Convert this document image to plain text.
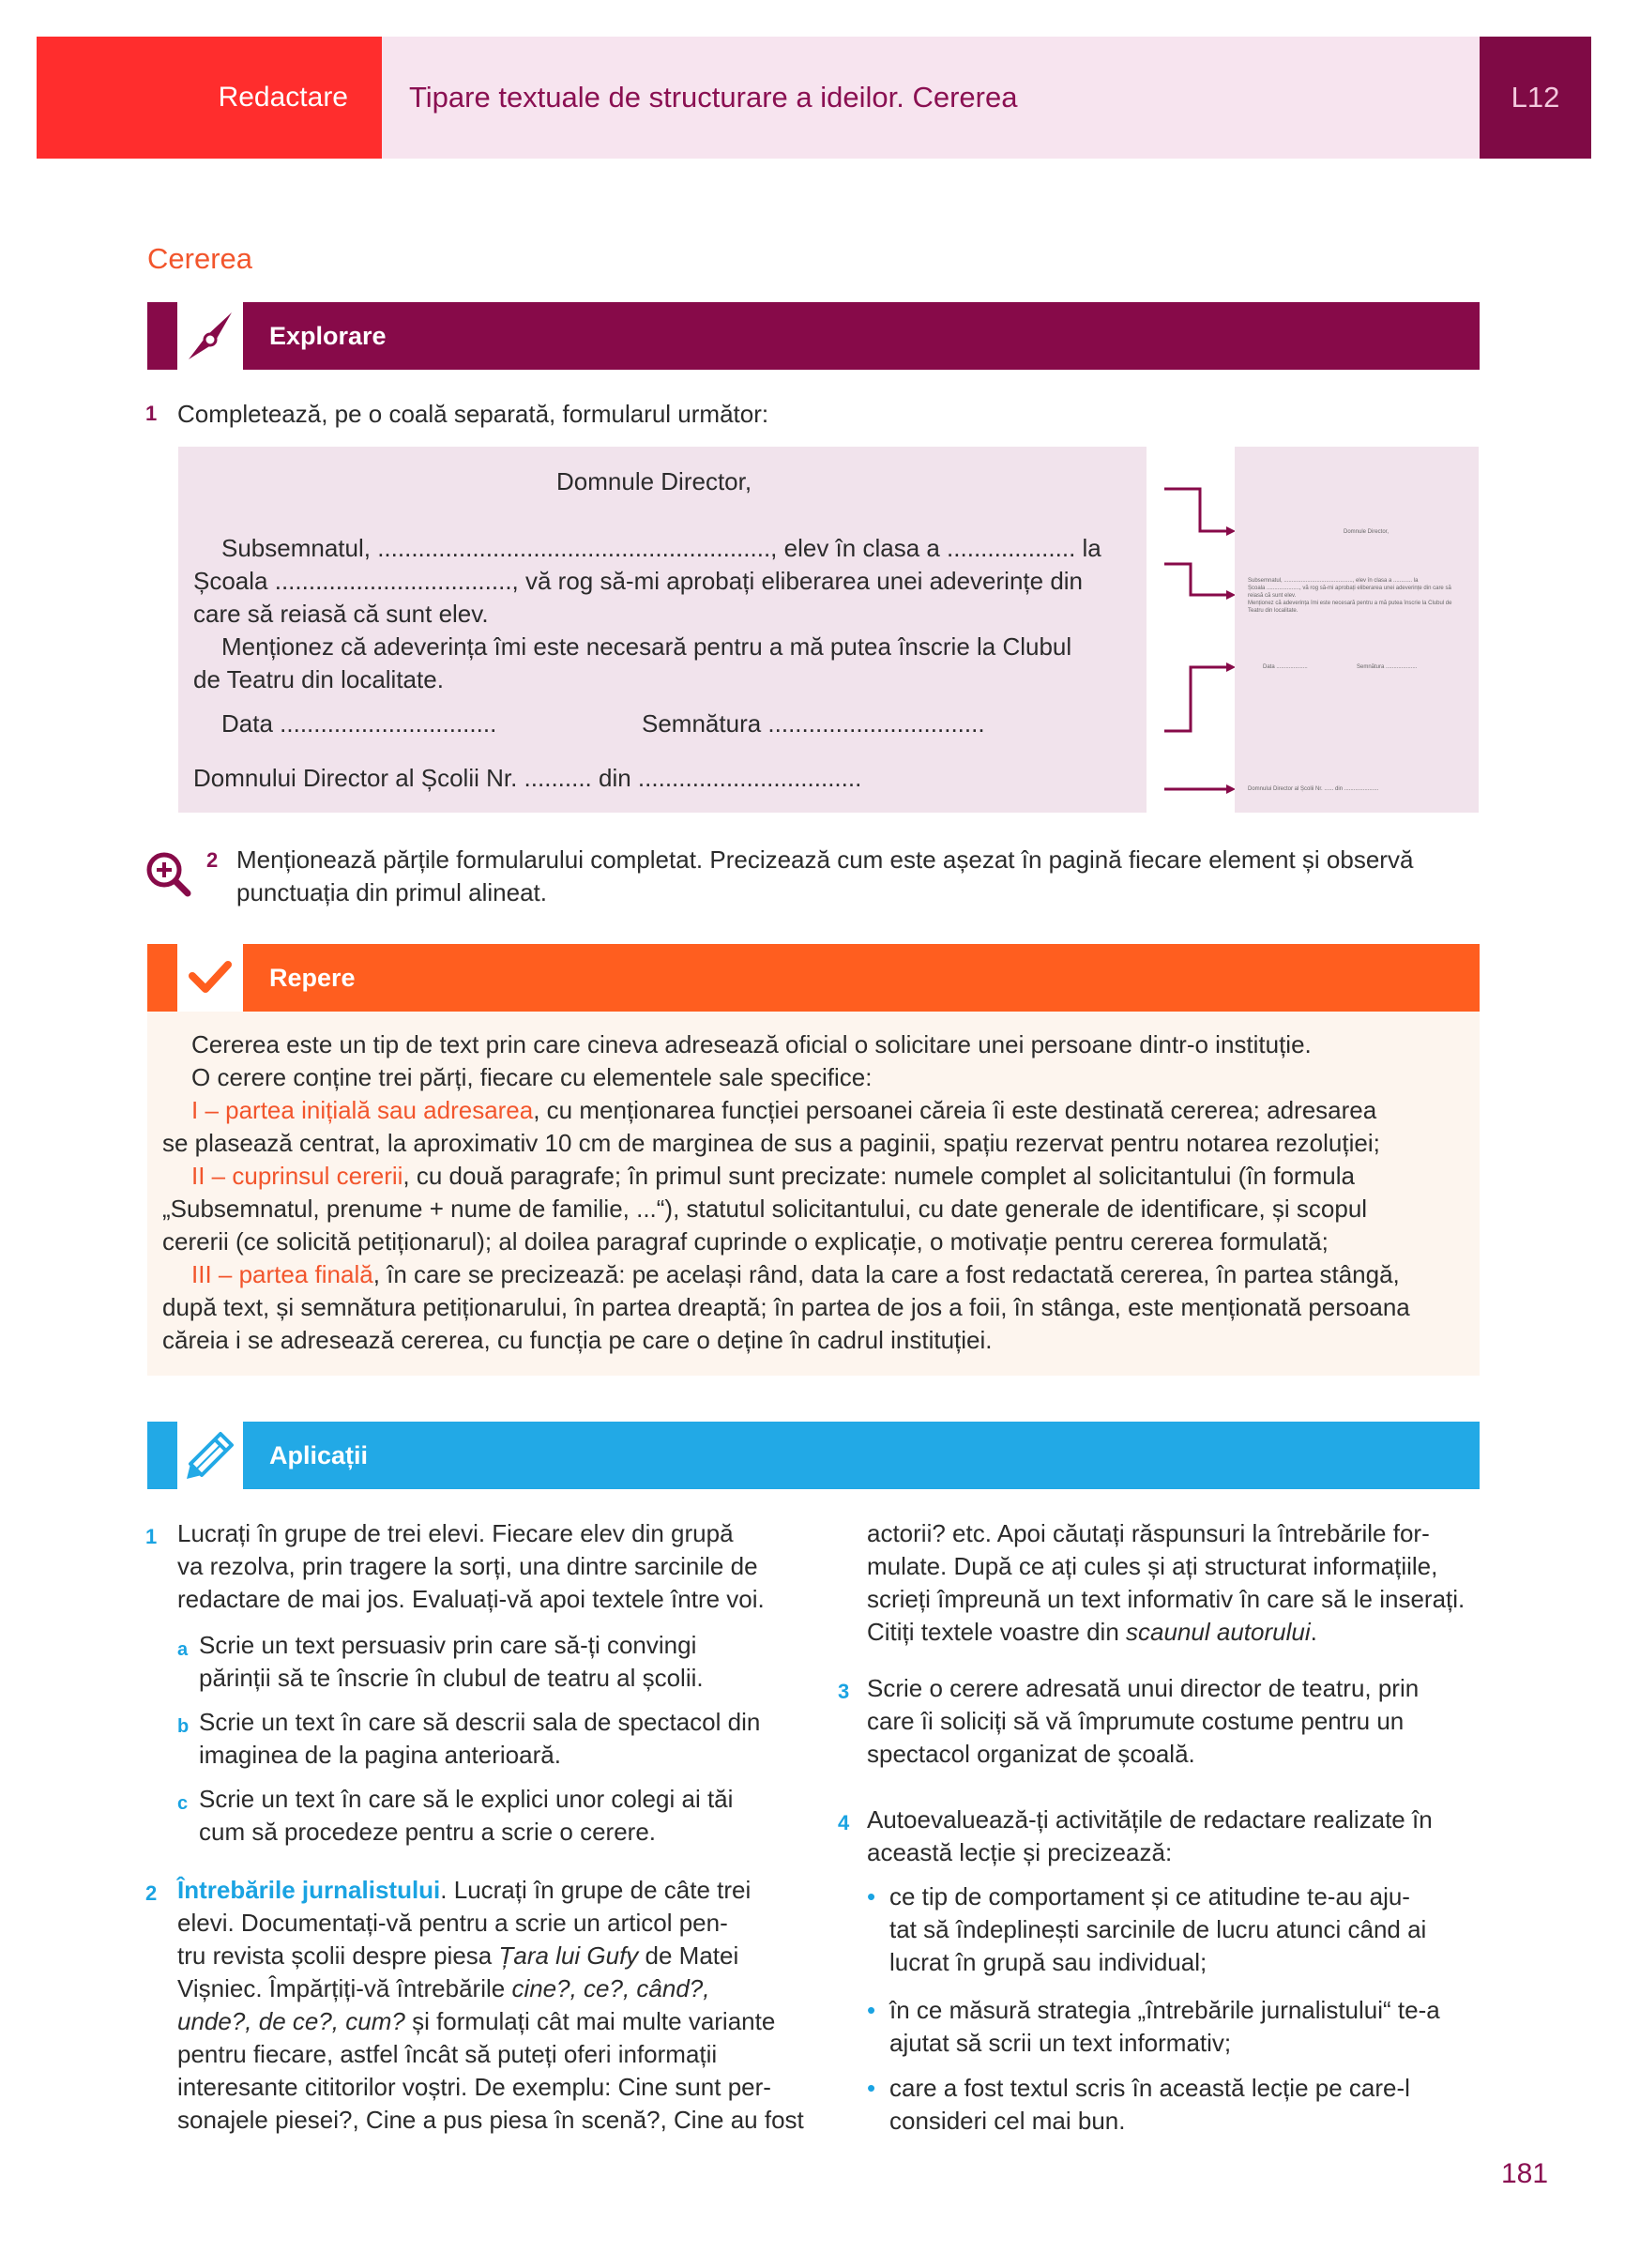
Redactare	Tipare textuale de structurare a ideilor. Cererea	L12
Cererea
Explorare
1 Completează, pe o coală separată, formularul următor:
Domnule Director,
Subsemnatul, .........................................................., elev în clasa a ................... la
Școala ..................................., vă rog să-mi aprobați eliberarea unei adeverințe din
care să reiasă că sunt elev.
Menționez că adeverința îmi este necesară pentru a mă putea înscrie la Clubul
de Teatru din localitate.
Data ................................	Semnătura ................................
Domnului Director al Școlii Nr. .......... din .................................
Domnule Director,
Subsemnatul, ............................................, elev în clasa a ............ la
Școala ....................., vă rog să-mi aprobați eliberarea unei adeverințe din care să
reiasă că sunt elev.
Menționez că adeverința îmi este necesară pentru a mă putea înscrie la Clubul de
Teatru din localitate.
Data ....................	Semnătura ....................
Domnului Director al Școlii Nr. ...... din ......................
2 Menționează părțile formularului completat. Precizează cum este așezat în pagină fiecare element și observă
punctuația din primul alineat.
Repere
Cererea este un tip de text prin care cineva adresează oficial o solicitare unei persoane dintr-o instituție.
O cerere conține trei părți, fiecare cu elementele sale specifice:
I – partea inițială sau adresarea, cu menționarea funcției persoanei căreia îi este destinată cererea; adresarea
se plasează centrat, la aproximativ 10 cm de marginea de sus a paginii, spațiu rezervat pentru notarea rezoluției;
II – cuprinsul cererii, cu două paragrafe; în primul sunt precizate: numele complet al solicitantului (în formula
„Subsemnatul, prenume + nume de familie, ...“), statutul solicitantului, cu date generale de identificare, și scopul
cererii (ce solicită petiționarul); al doilea paragraf cuprinde o explicație, o motivație pentru cererea formulată;
III – partea finală, în care se precizează: pe același rând, data la care a fost redactată cererea, în partea stângă,
după text, și semnătura petiționarului, în partea dreaptă; în partea de jos a foii, în stânga, este menționată persoana
căreia i se adresează cererea, cu funcția pe care o deține în cadrul instituției.
Aplicații
1 Lucrați în grupe de trei elevi. Fiecare elev din grupă
va rezolva, prin tragere la sorți, una dintre sarcinile de
redactare de mai jos. Evaluați-vă apoi textele între voi.
a Scrie un text persuasiv prin care să-ți convingi
părinții să te înscrie în clubul de teatru al școlii.
b Scrie un text în care să descrii sala de spectacol din
imaginea de la pagina anterioară.
c Scrie un text în care să le explici unor colegi ai tăi
cum să procedeze pentru a scrie o cerere.
2 Întrebările jurnalistului. Lucrați în grupe de câte trei
elevi. Documentați-vă pentru a scrie un articol pen-
tru revista școlii despre piesa Țara lui Gufy de Matei
Vișniec. Împărțiți-vă întrebările cine?, ce?, când?,
unde?, de ce?, cum? și formulați cât mai multe variante
pentru fiecare, astfel încât să puteți oferi informații
interesante cititorilor voștri. De exemplu: Cine sunt per-
sonajele piesei?, Cine a pus piesa în scenă?, Cine au fost
actorii? etc. Apoi căutați răspunsuri la întrebările for-
mulate. După ce ați cules și ați structurat informațiile,
scrieți împreună un text informativ în care să le inserați.
Citiți textele voastre din scaunul autorului.
3 Scrie o cerere adresată unui director de teatru, prin
care îi soliciți să vă împrumute costume pentru un
spectacol organizat de școală.
4 Autoevaluează-ți activitățile de redactare realizate în
această lecție și precizează:
• ce tip de comportament și ce atitudine te-au aju-
tat să îndeplinești sarcinile de lucru atunci când ai
lucrat în grupă sau individual;
• în ce măsură strategia „întrebările jurnalistului“ te-a
ajutat să scrii un text informativ;
• care a fost textul scris în această lecție pe care-l
consideri cel mai bun.
181
